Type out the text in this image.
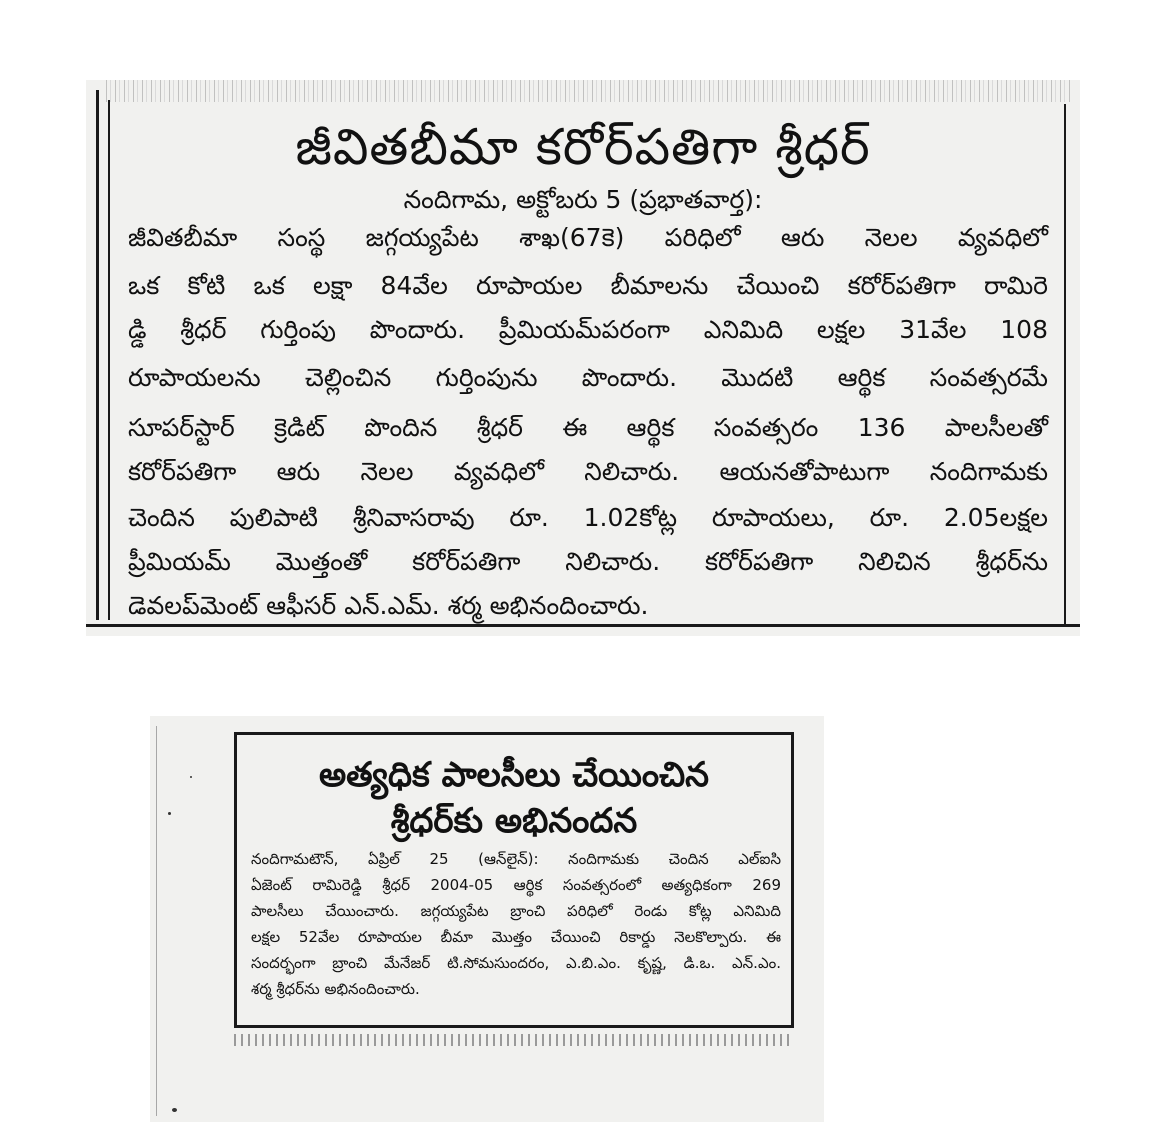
జీవితబీమా కరోర్‌పతిగా శ్రీధర్
నందిగామ, అక్టోబరు 5 (ప్రభాతవార్త):
జీవితబీమా సంస్థ జగ్గయ్యపేట శాఖ(67కె) పరిధిలో ఆరు నెలల వ్యవధిలో
ఒక కోటి ఒక లక్షా 84వేల రూపాయల బీమాలను చేయించి కరోర్‌పతిగా రామిరె
డ్డి శ్రీధర్ గుర్తింపు పొందారు. ప్రీమియమ్‌పరంగా ఎనిమిది లక్షల 31వేల 108
రూపాయలను చెల్లించిన గుర్తింపును పొందారు. మొదటి ఆర్థిక సంవత్సరమే
సూపర్‌స్టార్ క్రెడిట్ పొందిన శ్రీధర్ ఈ ఆర్థిక సంవత్సరం 136 పాలసీలతో
కరోర్‌పతిగా ఆరు నెలల వ్యవధిలో నిలిచారు. ఆయనతోపాటుగా నందిగామకు
చెందిన పులిపాటి శ్రీనివాసరావు రూ. 1.02కోట్ల రూపాయలు, రూ. 2.05లక్షల
ప్రీమియమ్ మొత్తంతో కరోర్‌పతిగా నిలిచారు. కరోర్‌పతిగా నిలిచిన శ్రీధర్‌ను
డెవలప్‌మెంట్ ఆఫీసర్ ఎన్.ఎమ్. శర్మ అభినందించారు.
అత్యధిక పాలసీలు చేయించిన
శ్రీధర్‌కు అభినందన
నందిగామటౌన్, ఏప్రిల్ 25 (ఆన్‌లైన్): నందిగామకు చెందిన ఎల్ఐసి
ఏజెంట్ రామిరెడ్డి శ్రీధర్ 2004-05 ఆర్థిక సంవత్సరంలో అత్యధికంగా 269
పాలసీలు చేయించారు. జగ్గయ్యపేట బ్రాంచి పరిధిలో రెండు కోట్ల ఎనిమిది
లక్షల 52వేల రూపాయల బీమా మొత్తం చేయించి రికార్డు నెలకొల్పారు. ఈ
సందర్భంగా బ్రాంచి మేనేజర్ టి.సోమసుందరం, ఎ.బి.ఎం. కృష్ణ, డి.ఒ. ఎన్.ఎం.
శర్మ శ్రీధర్‌ను అభినందించారు.
